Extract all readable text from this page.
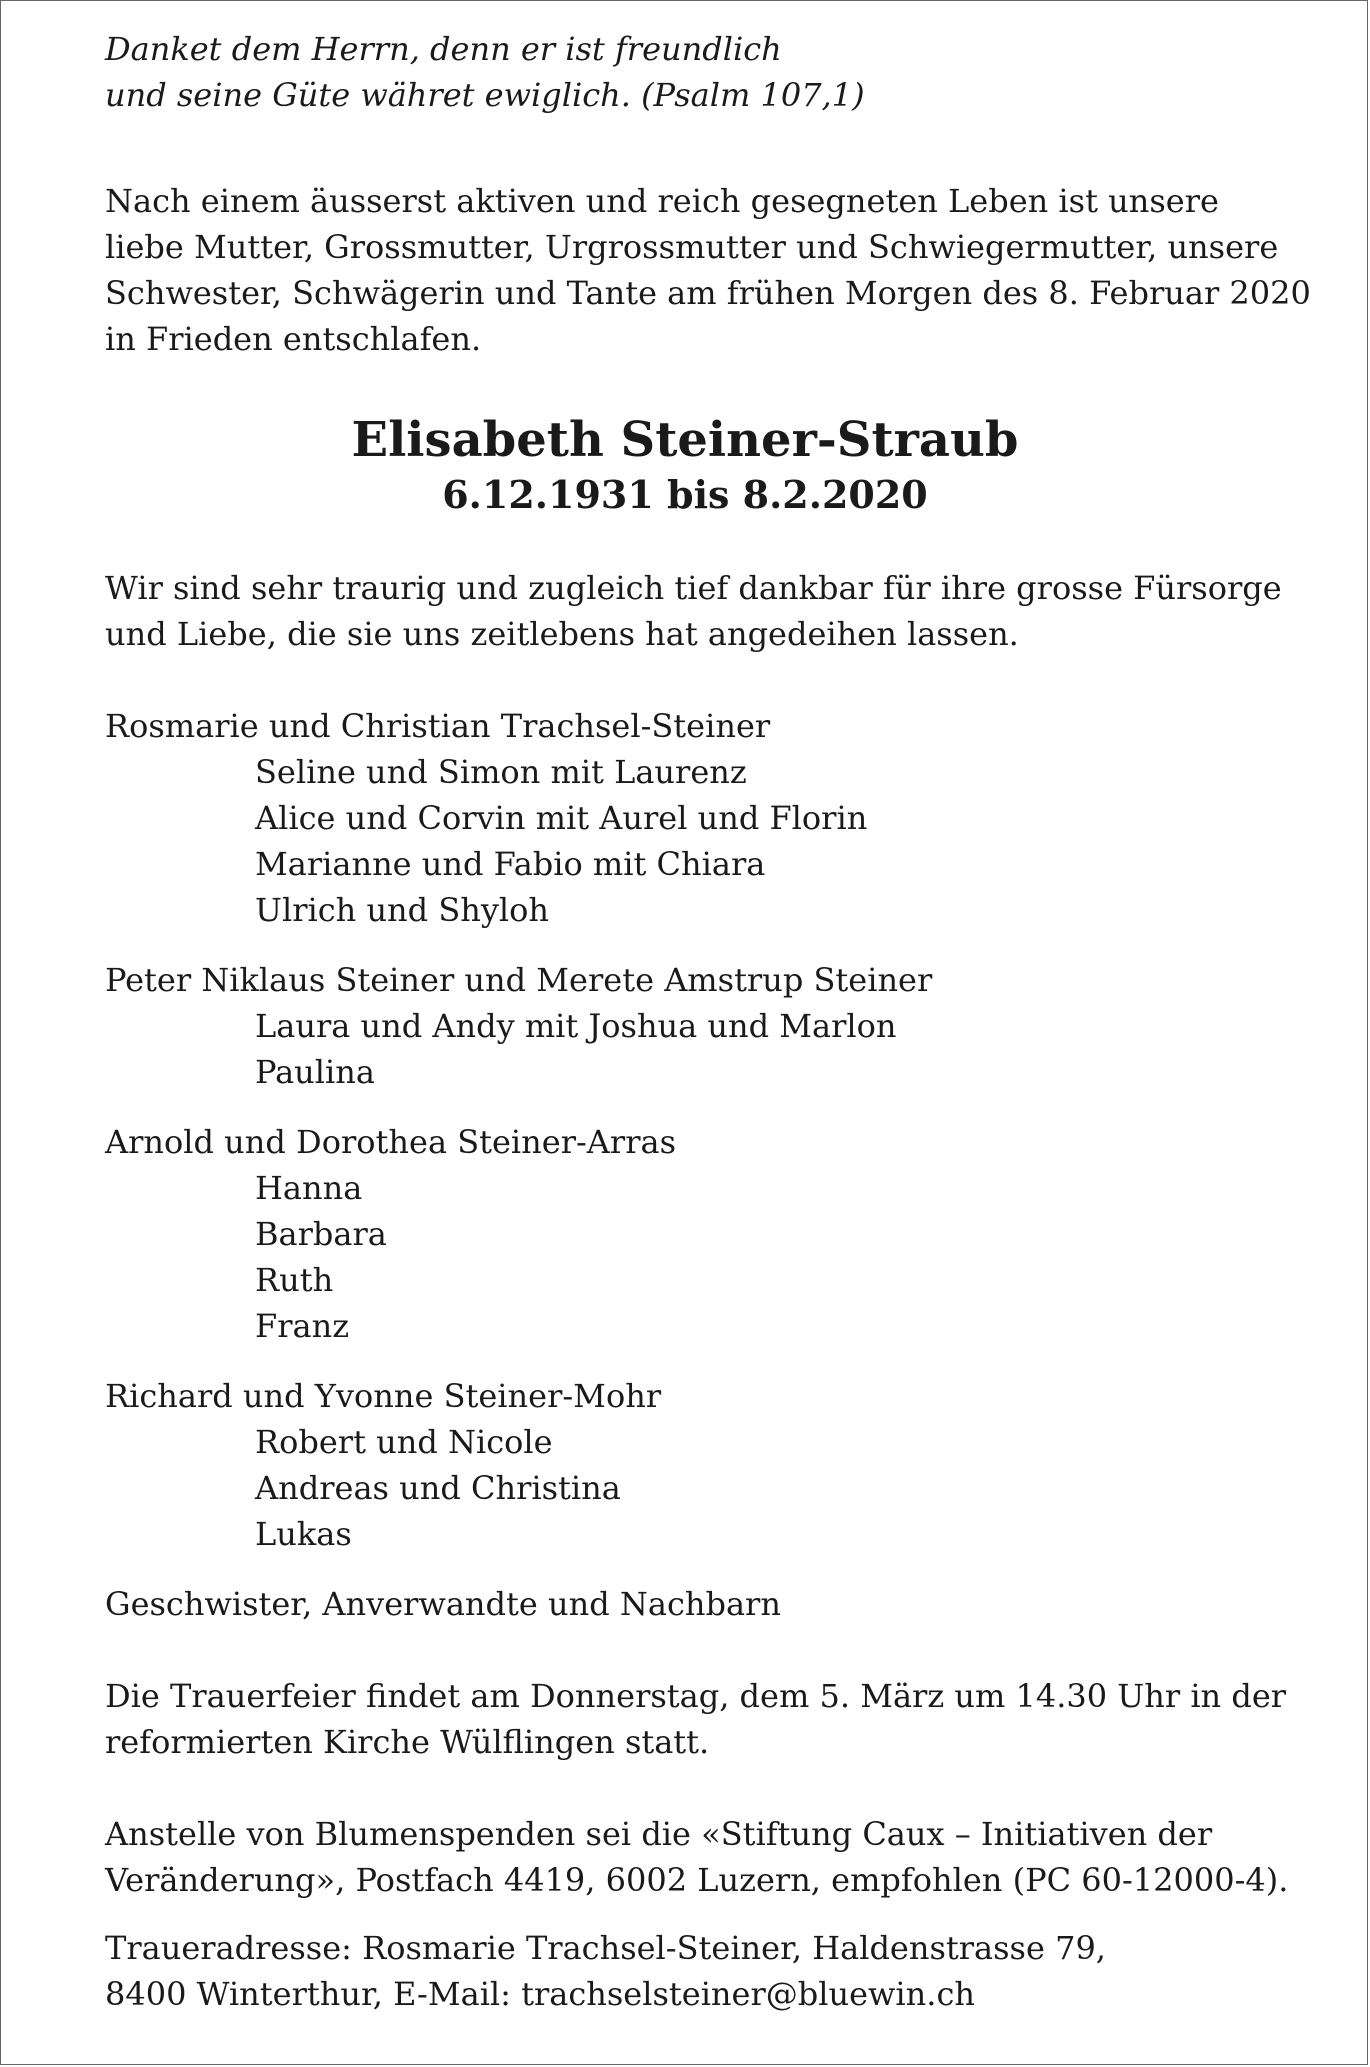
Danket dem Herrn, denn er ist freundlich
und seine Güte währet ewiglich. (Psalm 107,1)
Nach einem äusserst aktiven und reich gesegneten Leben ist unsere
liebe Mutter, Grossmutter, Urgrossmutter und Schwiegermutter, unsere
Schwester, Schwägerin und Tante am frühen Morgen des 8. Februar 2020
in Frieden entschlafen.
Elisabeth Steiner-Straub
6.12.1931 bis 8.2.2020
Wir sind sehr traurig und zugleich tief dankbar für ihre grosse Fürsorge
und Liebe, die sie uns zeitlebens hat angedeihen lassen.
Rosmarie und Christian Trachsel-Steiner
Seline und Simon mit Laurenz
Alice und Corvin mit Aurel und Florin
Marianne und Fabio mit Chiara
Ulrich und Shyloh
Peter Niklaus Steiner und Merete Amstrup Steiner
Laura und Andy mit Joshua und Marlon
Paulina
Arnold und Dorothea Steiner-Arras
Hanna
Barbara
Ruth
Franz
Richard und Yvonne Steiner-Mohr
Robert und Nicole
Andreas und Christina
Lukas
Geschwister, Anverwandte und Nachbarn
Die Trauerfeier findet am Donnerstag, dem 5. März um 14.30 Uhr in der
reformierten Kirche Wülflingen statt.
Anstelle von Blumenspenden sei die «Stiftung Caux – Initiativen der
Veränderung», Postfach 4419, 6002 Luzern, empfohlen (PC 60-12000-4).
Traueradresse: Rosmarie Trachsel-Steiner, Haldenstrasse 79,
8400 Winterthur, E-Mail: trachselsteiner@bluewin.ch
